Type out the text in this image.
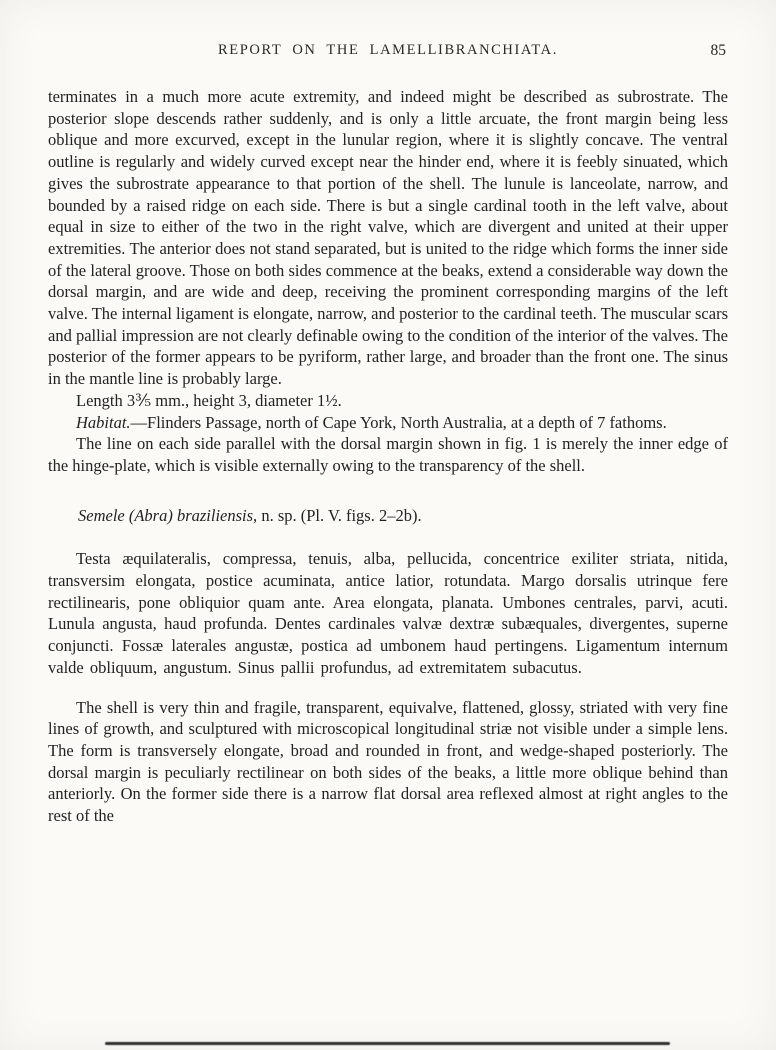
REPORT ON THE LAMELLIBRANCHIATA.	85

terminates in a much more acute extremity, and indeed might be described as subrostrate. The posterior slope descends rather suddenly, and is only a little arcuate, the front margin being less oblique and more excurved, except in the lunular region, where it is slightly concave. The ventral outline is regularly and widely curved except near the hinder end, where it is feebly sinuated, which gives the subrostrate appearance to that portion of the shell. The lunule is lanceolate, narrow, and bounded by a raised ridge on each side. There is but a single cardinal tooth in the left valve, about equal in size to either of the two in the right valve, which are divergent and united at their upper extremities. The anterior does not stand separated, but is united to the ridge which forms the inner side of the lateral groove. Those on both sides commence at the beaks, extend a considerable way down the dorsal margin, and are wide and deep, receiving the prominent corresponding margins of the left valve. The internal ligament is elongate, narrow, and posterior to the cardinal teeth. The muscular scars and pallial impression are not clearly definable owing to the condition of the interior of the valves. The posterior of the former appears to be pyriform, rather large, and broader than the front one. The sinus in the mantle line is probably large.

Length 3⅗ mm., height 3, diameter 1½.

Habitat.—Flinders Passage, north of Cape York, North Australia, at a depth of 7 fathoms.

The line on each side parallel with the dorsal margin shown in fig. 1 is merely the inner edge of the hinge-plate, which is visible externally owing to the transparency of the shell.

Semele (Abra) braziliensis, n. sp. (Pl. V. figs. 2–2b).

Testa æquilateralis, compressa, tenuis, alba, pellucida, concentrice exiliter striata, nitida, transversim elongata, postice acuminata, antice latior, rotundata. Margo dorsalis utrinque fere rectilinearis, pone obliquior quam ante. Area elongata, planata. Umbones centrales, parvi, acuti. Lunula angusta, haud profunda. Dentes cardinales valvæ dextræ subæquales, divergentes, superne conjuncti. Fossæ laterales angustæ, postica ad umbonem haud pertingens. Ligamentum internum valde obliquum, angustum. Sinus pallii profundus, ad extremitatem subacutus.

The shell is very thin and fragile, transparent, equivalve, flattened, glossy, striated with very fine lines of growth, and sculptured with microscopical longitudinal striæ not visible under a simple lens. The form is transversely elongate, broad and rounded in front, and wedge-shaped posteriorly. The dorsal margin is peculiarly rectilinear on both sides of the beaks, a little more oblique behind than anteriorly. On the former side there is a narrow flat dorsal area reflexed almost at right angles to the rest of the
